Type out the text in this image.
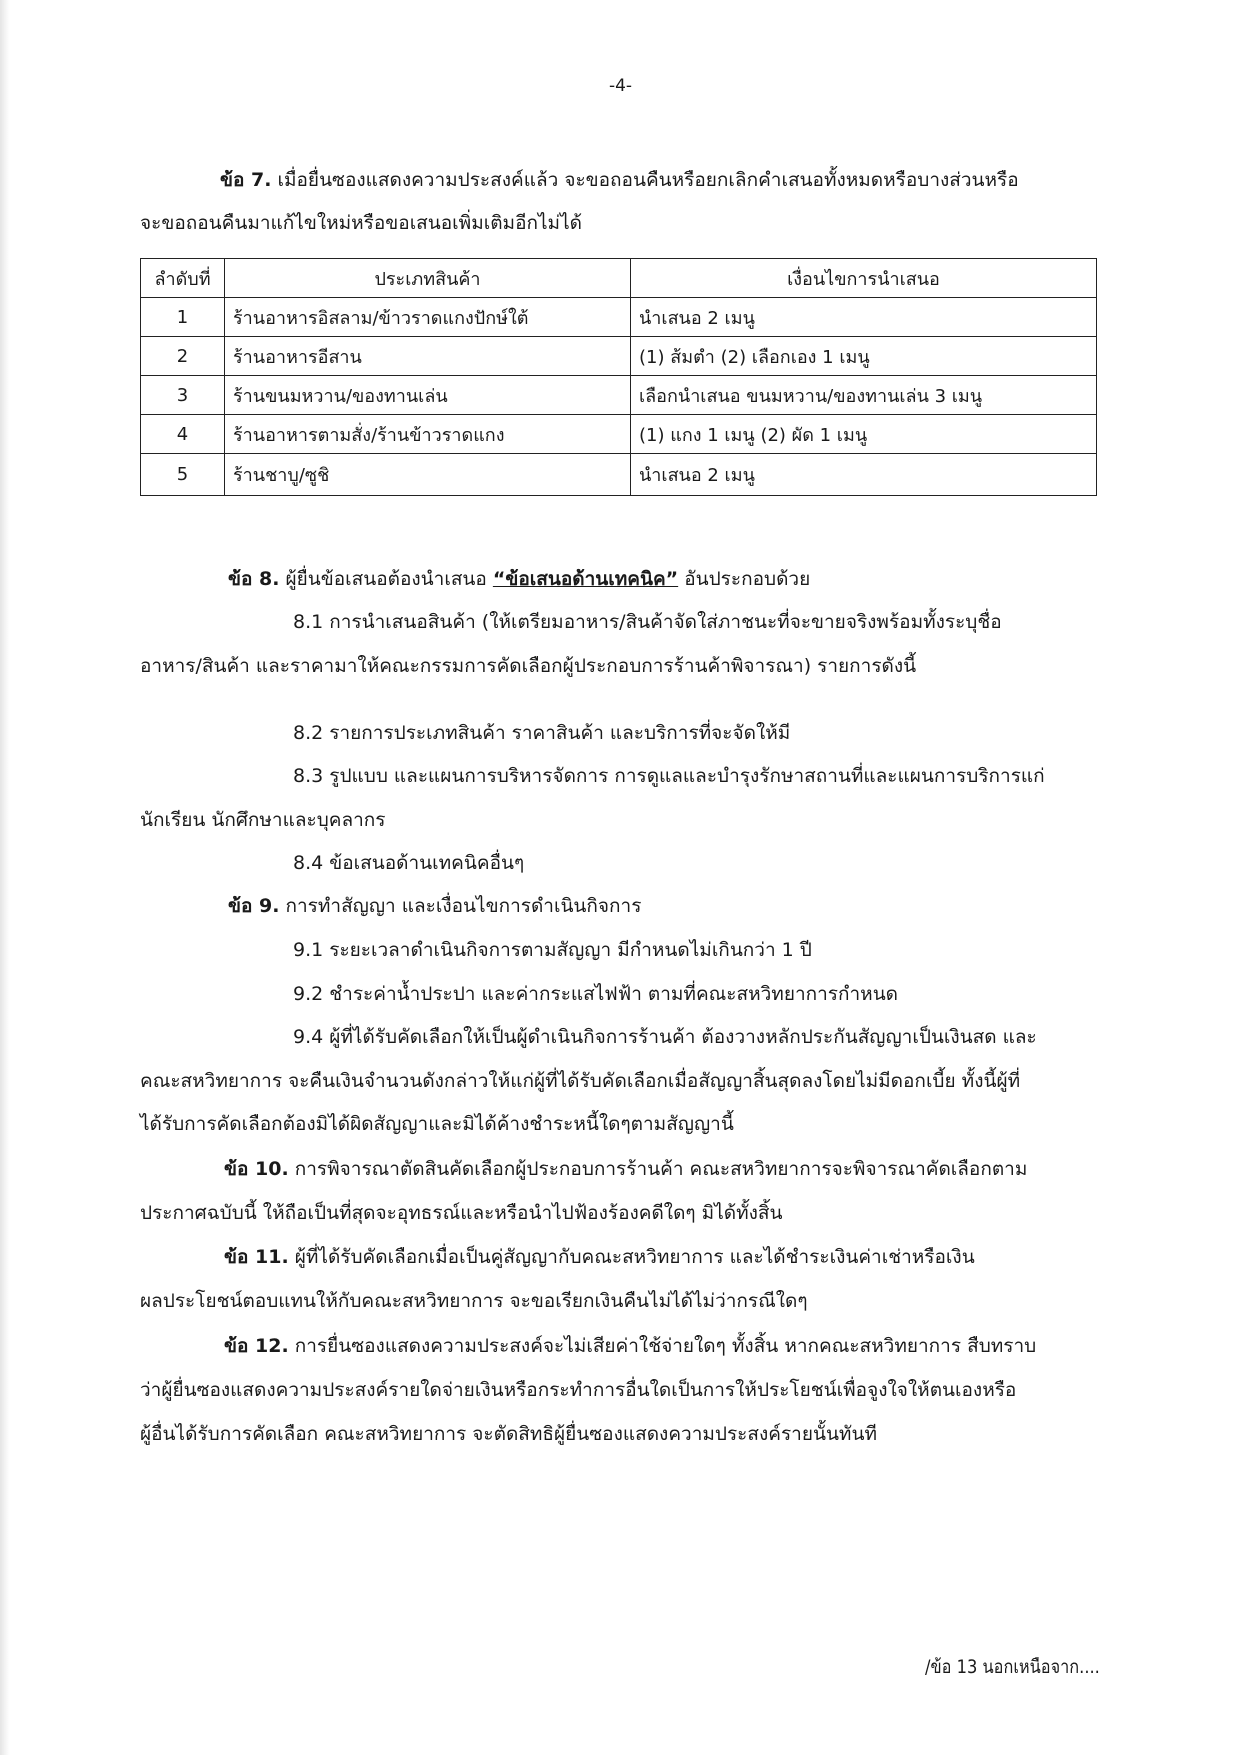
-4-
ข้อ 7. เมื่อยื่นซองแสดงความประสงค์แล้ว จะขอถอนคืนหรือยกเลิกคำเสนอทั้งหมดหรือบางส่วนหรือ
จะขอถอนคืนมาแก้ไขใหม่หรือขอเสนอเพิ่มเติมอีกไม่ได้
ลำดับที่	ประเภทสินค้า	เงื่อนไขการนำเสนอ
1	ร้านอาหารอิสลาม/ข้าวราดแกงปักษ์ใต้	นำเสนอ 2 เมนู
2	ร้านอาหารอีสาน	(1) ส้มตำ (2) เลือกเอง 1 เมนู
3	ร้านขนมหวาน/ของทานเล่น	เลือกนำเสนอ ขนมหวาน/ของทานเล่น 3 เมนู
4	ร้านอาหารตามสั่ง/ร้านข้าวราดแกง	(1) แกง 1 เมนู (2) ผัด 1 เมนู
5	ร้านชาบู/ซูชิ	นำเสนอ 2 เมนู
ข้อ 8. ผู้ยื่นข้อเสนอต้องนำเสนอ “ข้อเสนอด้านเทคนิค” อันประกอบด้วย
8.1 การนำเสนอสินค้า (ให้เตรียมอาหาร/สินค้าจัดใส่ภาชนะที่จะขายจริงพร้อมทั้งระบุชื่อ
อาหาร/สินค้า และราคามาให้คณะกรรมการคัดเลือกผู้ประกอบการร้านค้าพิจารณา) รายการดังนี้
8.2 รายการประเภทสินค้า ราคาสินค้า และบริการที่จะจัดให้มี
8.3 รูปแบบ และแผนการบริหารจัดการ การดูแลและบำรุงรักษาสถานที่และแผนการบริการแก่
นักเรียน นักศึกษาและบุคลากร
8.4 ข้อเสนอด้านเทคนิคอื่นๆ
ข้อ 9. การทำสัญญา และเงื่อนไขการดำเนินกิจการ
9.1 ระยะเวลาดำเนินกิจการตามสัญญา มีกำหนดไม่เกินกว่า 1 ปี
9.2 ชำระค่าน้ำประปา และค่ากระแสไฟฟ้า ตามที่คณะสหวิทยาการกำหนด
9.4 ผู้ที่ได้รับคัดเลือกให้เป็นผู้ดำเนินกิจการร้านค้า ต้องวางหลักประกันสัญญาเป็นเงินสด และ
คณะสหวิทยาการ จะคืนเงินจำนวนดังกล่าวให้แก่ผู้ที่ได้รับคัดเลือกเมื่อสัญญาสิ้นสุดลงโดยไม่มีดอกเบี้ย ทั้งนี้ผู้ที่
ได้รับการคัดเลือกต้องมิได้ผิดสัญญาและมิได้ค้างชำระหนี้ใดๆตามสัญญานี้
ข้อ 10. การพิจารณาตัดสินคัดเลือกผู้ประกอบการร้านค้า คณะสหวิทยาการจะพิจารณาคัดเลือกตาม
ประกาศฉบับนี้ ให้ถือเป็นที่สุดจะอุทธรณ์และหรือนำไปฟ้องร้องคดีใดๆ มิได้ทั้งสิ้น
ข้อ 11. ผู้ที่ได้รับคัดเลือกเมื่อเป็นคู่สัญญากับคณะสหวิทยาการ และได้ชำระเงินค่าเช่าหรือเงิน
ผลประโยชน์ตอบแทนให้กับคณะสหวิทยาการ จะขอเรียกเงินคืนไม่ได้ไม่ว่ากรณีใดๆ
ข้อ 12. การยื่นซองแสดงความประสงค์จะไม่เสียค่าใช้จ่ายใดๆ ทั้งสิ้น หากคณะสหวิทยาการ สืบทราบ
ว่าผู้ยื่นซองแสดงความประสงค์รายใดจ่ายเงินหรือกระทำการอื่นใดเป็นการให้ประโยชน์เพื่อจูงใจให้ตนเองหรือ
ผู้อื่นได้รับการคัดเลือก คณะสหวิทยาการ จะตัดสิทธิผู้ยื่นซองแสดงความประสงค์รายนั้นทันที
/ข้อ 13 นอกเหนือจาก....
